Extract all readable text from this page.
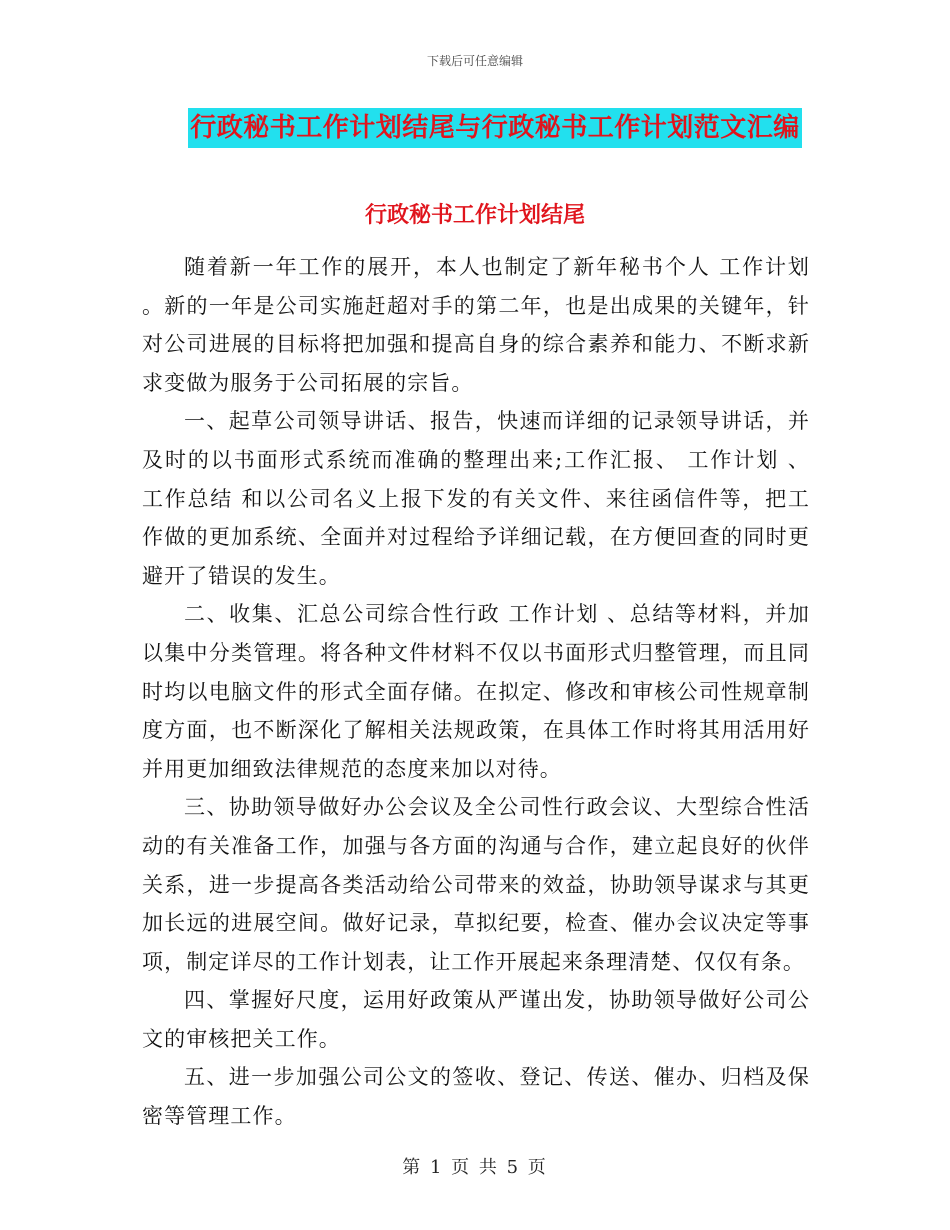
下载后可任意编辑
行政秘书工作计划结尾与行政秘书工作计划范文汇编
行政秘书工作计划结尾

随着新一年工作的展开，本人也制定了新年秘书个人 工作计划 。新的一年是公司实施赶超对手的第二年，也是出成果的关键年，针对公司进展的目标将把加强和提高自身的综合素养和能力、不断求新求变做为服务于公司拓展的宗旨。

一、起草公司领导讲话、报告，快速而详细的记录领导讲话，并及时的以书面形式系统而准确的整理出来;工作汇报、 工作计划 、 工作总结 和以公司名义上报下发的有关文件、来往函信件等，把工作做的更加系统、全面并对过程给予详细记载，在方便回查的同时更避开了错误的发生。

二、收集、汇总公司综合性行政 工作计划 、总结等材料，并加以集中分类管理。将各种文件材料不仅以书面形式归整管理，而且同时均以电脑文件的形式全面存储。在拟定、修改和审核公司性规章制度方面，也不断深化了解相关法规政策，在具体工作时将其用活用好并用更加细致法律规范的态度来加以对待。

三、协助领导做好办公会议及全公司性行政会议、大型综合性活动的有关准备工作，加强与各方面的沟通与合作，建立起良好的伙伴关系，进一步提高各类活动给公司带来的效益，协助领导谋求与其更加长远的进展空间。做好记录，草拟纪要，检查、催办会议决定等事项，制定详尽的工作计划表，让工作开展起来条理清楚、仅仅有条。

四、掌握好尺度，运用好政策从严谨出发，协助领导做好公司公文的审核把关工作。

五、进一步加强公司公文的签收、登记、传送、催办、归档及保密等管理工作。

第 1 页 共 5 页
